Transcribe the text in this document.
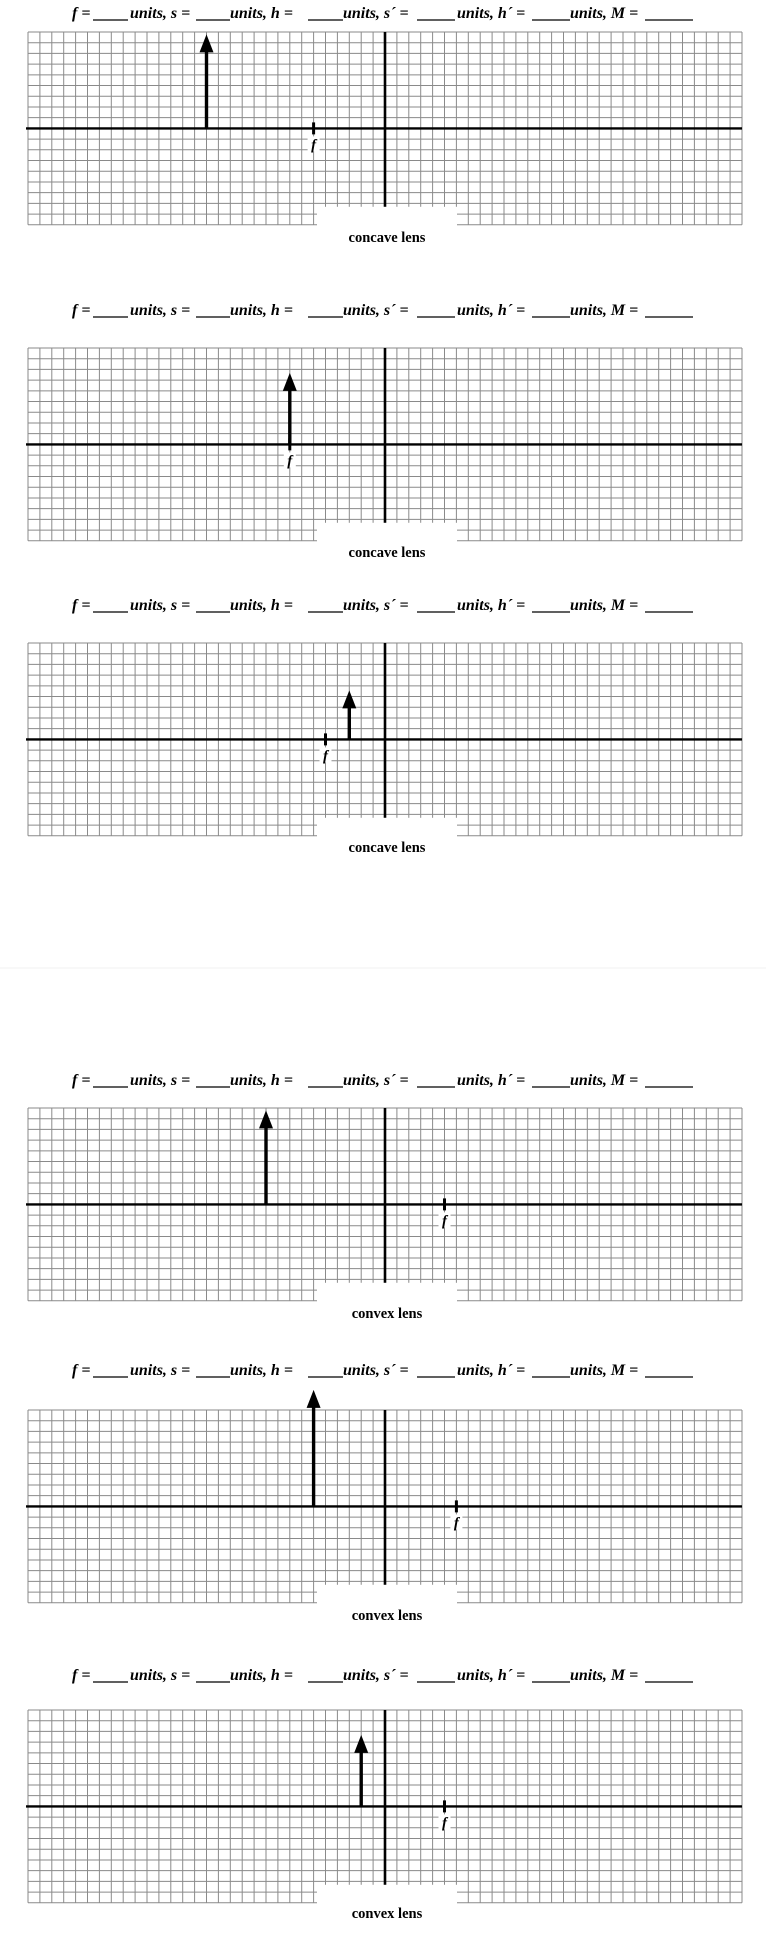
f = units, s = units, h =	units, s´ =	units, h´ =	units, M =
concave lens
f
f = units, s = units, h =	units, s´ =	units, h´ =	units, M =
concave lens
f
f = units, s = units, h =	units, s´ =	units, h´ =	units, M =
concave lens
f
f = units, s = units, h =	units, s´ =	units, h´ =	units, M =
convex lens
f
f = units, s = units, h =	units, s´ =	units, h´ =	units, M =
convex lens
f
f = units, s = units, h =	units, s´ =	units, h´ =	units, M =
convex lens
f
